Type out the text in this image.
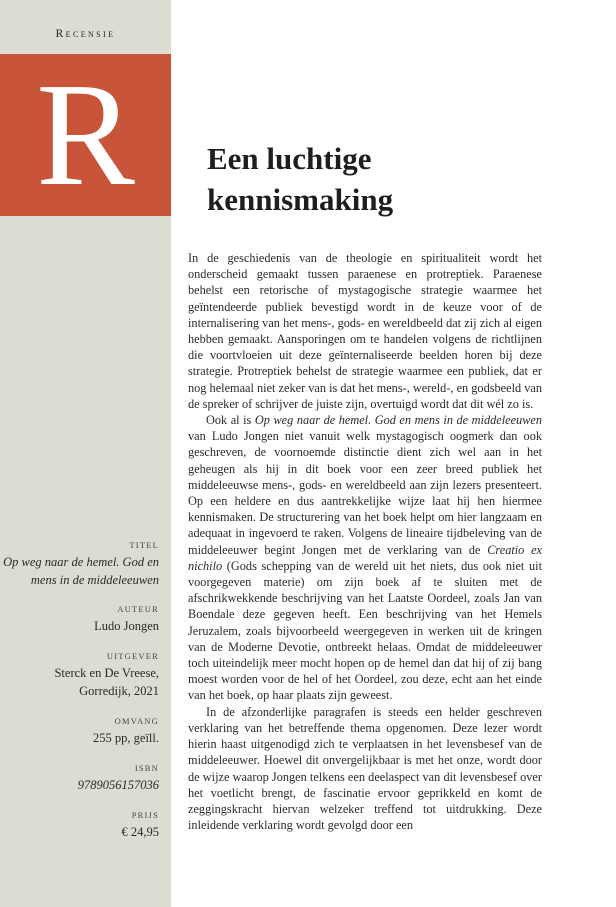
Recensie
R
TITEL
Op weg naar de hemel. God en
mens in de middeleeuwen
AUTEUR
Ludo Jongen
UITGEVER
Sterck en De Vreese,
Gorredijk, 2021
OMVANG
255 pp, geïll.
ISBN
9789056157036
PRIJS
€ 24,95
Een luchtige
kennismaking

In de geschiedenis van de theologie en spiritualiteit wordt het onderscheid gemaakt tussen paraenese en protreptiek. Paraenese behelst een retorische of mystagogische strategie waarmee het geïntendeerde publiek bevestigd wordt in de keuze voor of de internalisering van het mens-, gods- en wereldbeeld dat zij zich al eigen hebben gemaakt. Aansporingen om te handelen volgens de richtlijnen die voortvloeien uit deze geïnternaliseerde beelden horen bij deze strategie. Protreptiek behelst de strategie waarmee een publiek, dat er nog helemaal niet zeker van is dat het mens-, wereld-, en godsbeeld van de spreker of schrijver de juiste zijn, overtuigd wordt dat dit wél zo is.

Ook al is Op weg naar de hemel. God en mens in de middeleeuwen van Ludo Jongen niet vanuit welk mystagogisch oogmerk dan ook geschreven, de voornoemde distinctie dient zich wel aan in het geheugen als hij in dit boek voor een zeer breed publiek het middeleeuwse mens-, gods- en wereldbeeld aan zijn lezers presenteert. Op een heldere en dus aantrekkelijke wijze laat hij hen hiermee kennismaken. De structurering van het boek helpt om hier langzaam en adequaat in ingevoerd te raken. Volgens de lineaire tijdbeleving van de middeleeuwer begint Jongen met de verklaring van de Creatio ex nichilo (Gods schepping van de wereld uit het niets, dus ook niet uit voorgegeven materie) om zijn boek af te sluiten met de afschrikwekkende beschrijving van het Laatste Oordeel, zoals Jan van Boendale deze gegeven heeft. Een beschrijving van het Hemels Jeruzalem, zoals bijvoorbeeld weergegeven in werken uit de kringen van de Moderne Devotie, ontbreekt helaas. Omdat de middeleeuwer toch uiteindelijk meer mocht hopen op de hemel dan dat hij of zij bang moest worden voor de hel of het Oordeel, zou deze, echt aan het einde van het boek, op haar plaats zijn geweest.

In de afzonderlijke paragrafen is steeds een helder geschreven verklaring van het betreffende thema opgenomen. Deze lezer wordt hierin haast uitgenodigd zich te verplaatsen in het levensbesef van de middeleeuwer. Hoewel dit onvergelijkbaar is met het onze, wordt door de wijze waarop Jongen telkens een deelaspect van dit levensbesef over het voetlicht brengt, de fascinatie ervoor geprikkeld en komt de zeggingskracht hiervan welzeker treffend tot uitdrukking. Deze inleidende verklaring wordt gevolgd door een
